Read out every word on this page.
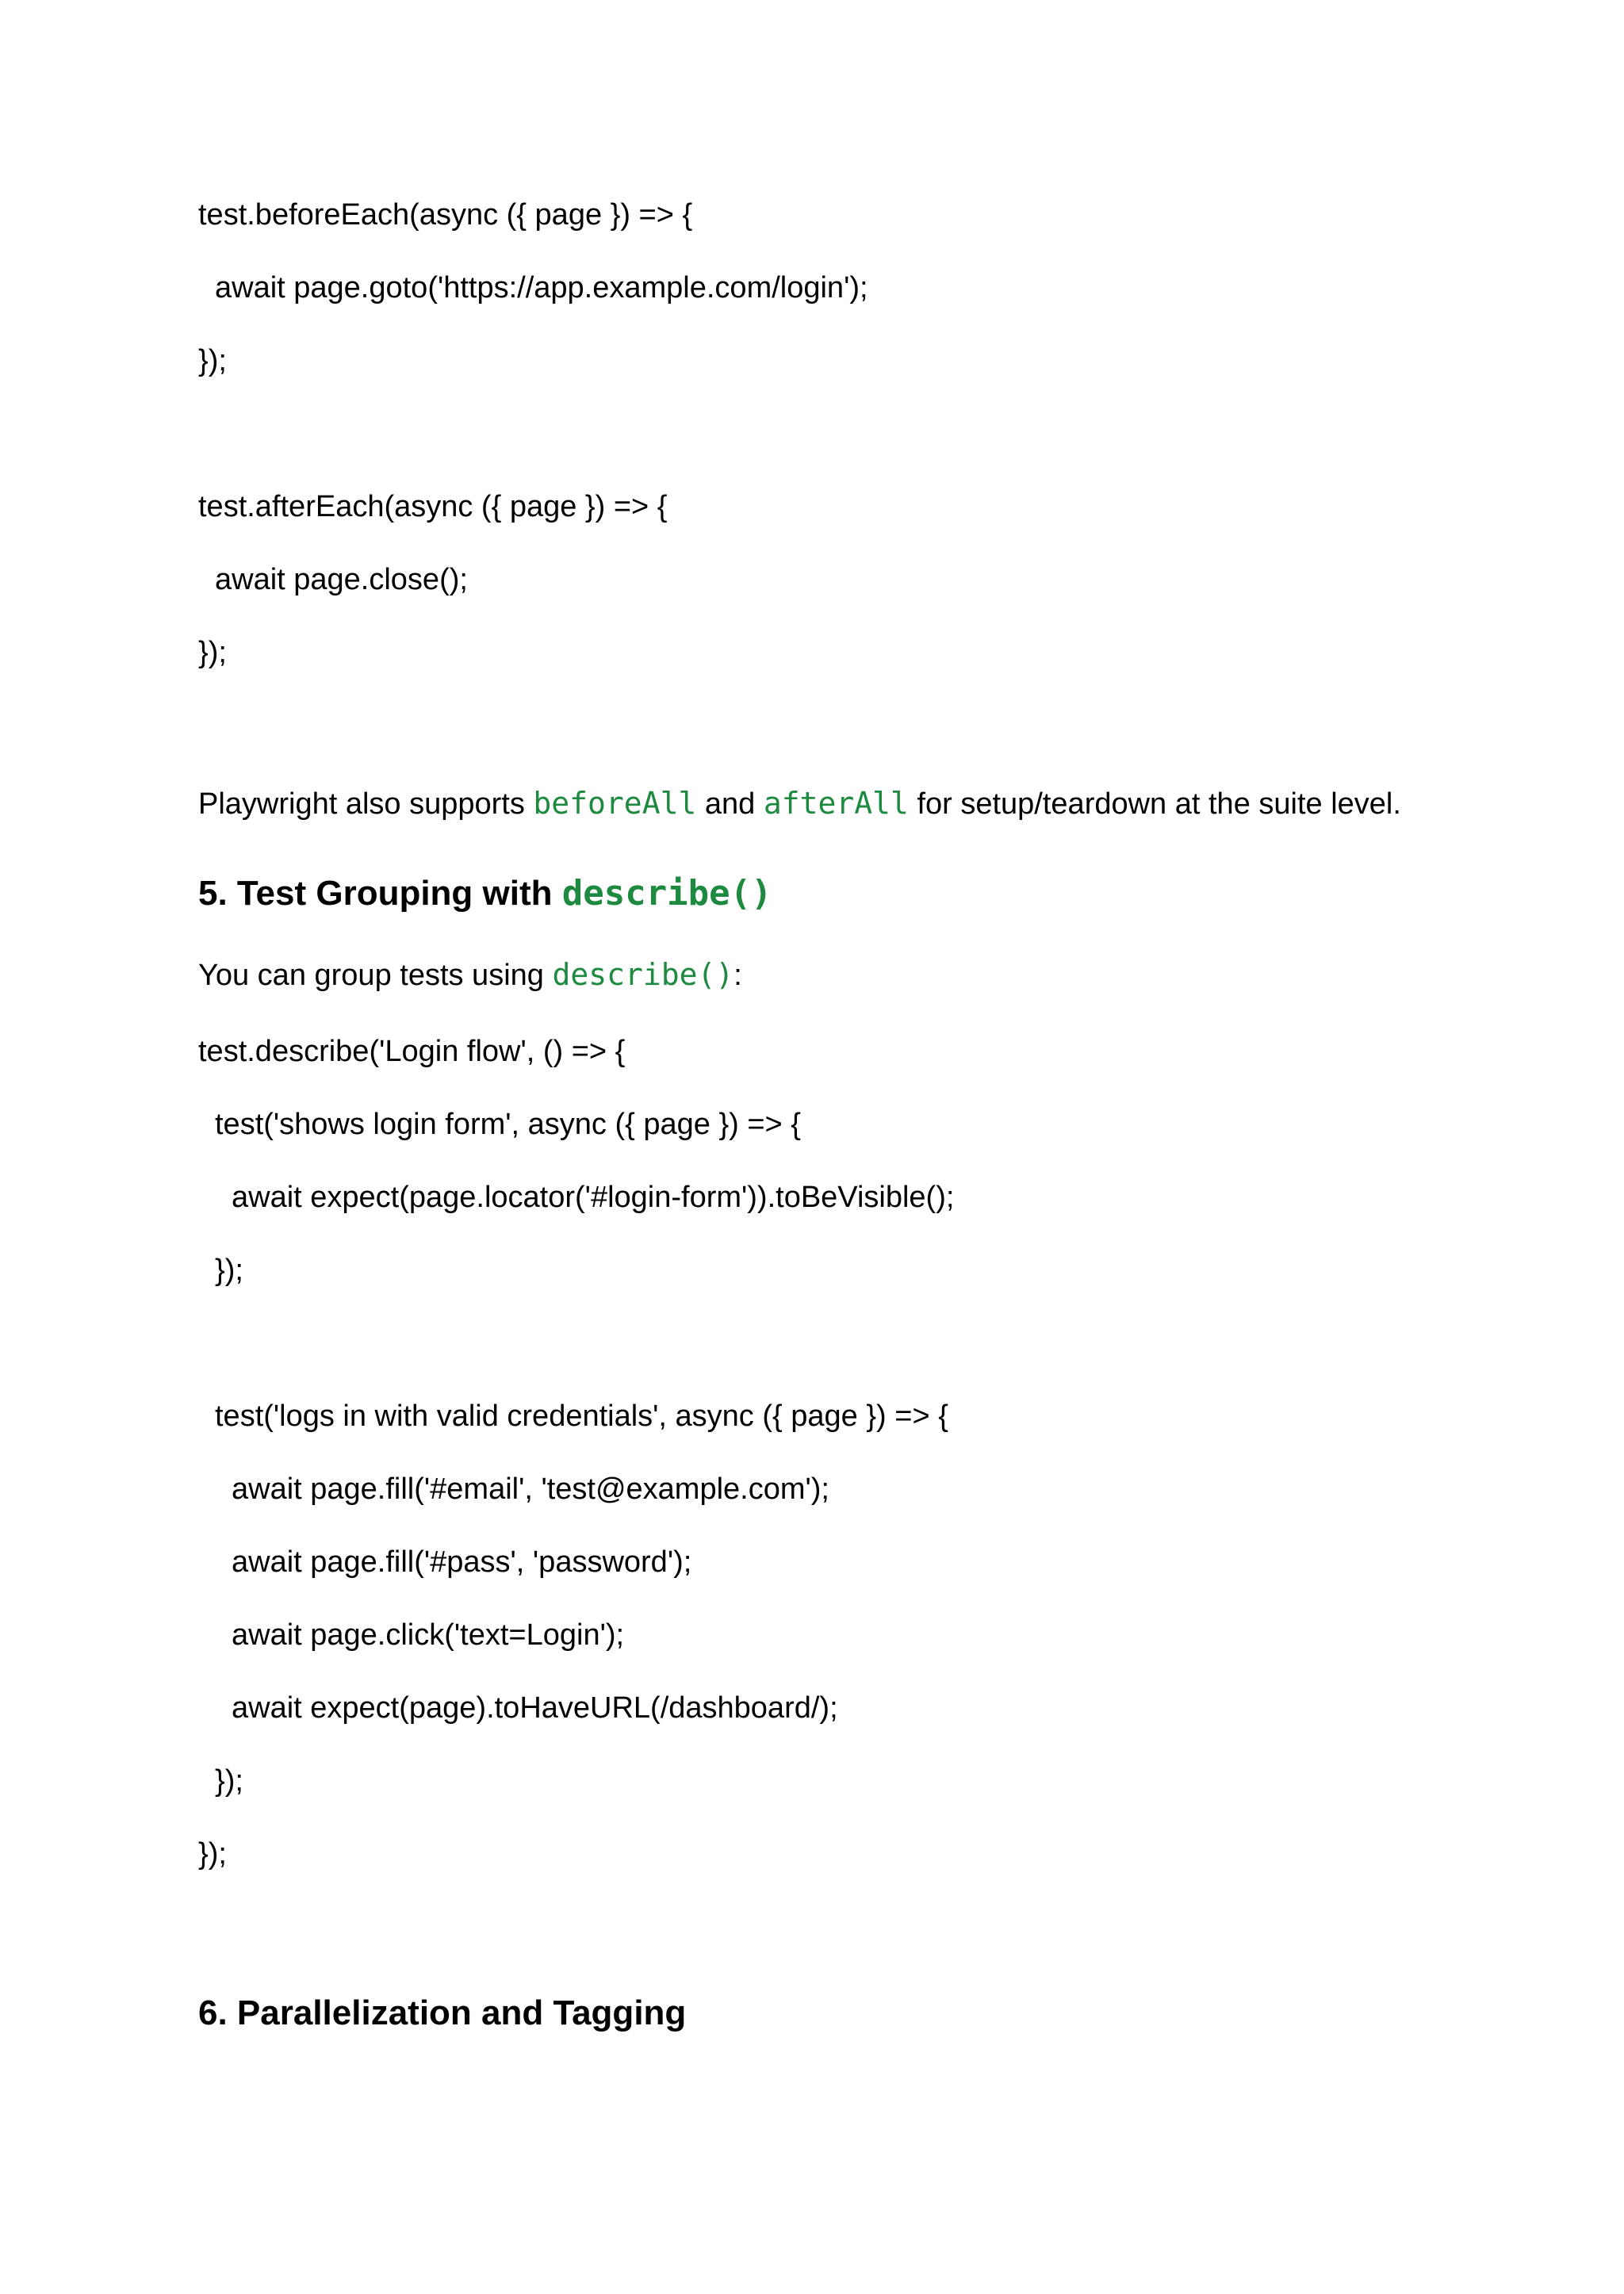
test.beforeEach(async ({ page }) => {
await page.goto('https://app.example.com/login');
});
test.afterEach(async ({ page }) => {
await page.close();
});
Playwright also supports beforeAll and afterAll for setup/teardown at the suite level.
5. Test Grouping with describe()
You can group tests using describe():
test.describe('Login flow', () => {
test('shows login form', async ({ page }) => {
await expect(page.locator('#login-form')).toBeVisible();
});
test('logs in with valid credentials', async ({ page }) => {
await page.fill('#email', 'test@example.com');
await page.fill('#pass', 'password');
await page.click('text=Login');
await expect(page).toHaveURL(/dashboard/);
});
});
6. Parallelization and Tagging
